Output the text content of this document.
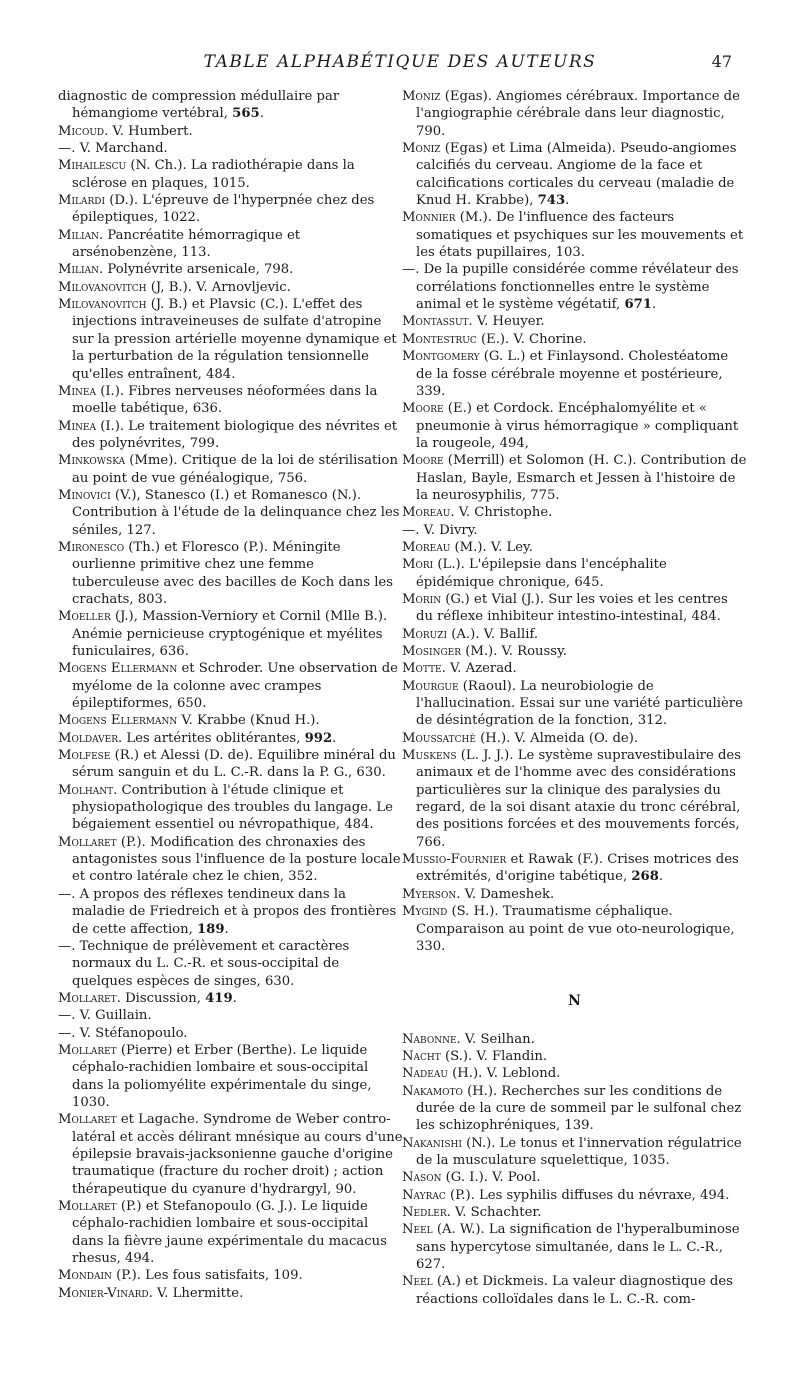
TABLE ALPHABÉTIQUE DES AUTEURS	47

diagnostic de compression médullaire par hémangiome vertébral, 565.

Micoud. V. Humbert.

—. V. Marchand.

Mihailescu (N. Ch.). La radiothérapie dans la sclérose en plaques, 1015.

Milardi (D.). L'épreuve de l'hyperpnée chez des épileptiques, 1022.

Milian. Pancréatite hémorragique et arsénobenzène, 113.

Milian. Polynévrite arsenicale, 798.

Milovanovitch (J, B.). V. Arnovljevic.

Milovanovitch (J. B.) et Plavsic (C.). L'effet des injections intraveineuses de sulfate d'atropine sur la pression artérielle moyenne dynamique et la perturbation de la régulation tensionnelle qu'elles entraînent, 484.

Minea (I.). Fibres nerveuses néoformées dans la moelle tabétique, 636.

Minea (I.). Le traitement biologique des névrites et des polynévrites, 799.

Minkowska (Mme). Critique de la loi de stérilisation au point de vue généalogique, 756.

Minovici (V.), Stanesco (I.) et Romanesco (N.). Contribution à l'étude de la delinquance chez les séniles, 127.

Mironesco (Th.) et Floresco (P.). Méningite ourlienne primitive chez une femme tuberculeuse avec des bacilles de Koch dans les crachats, 803.

Moeller (J.), Massion-Verniory et Cornil (Mlle B.). Anémie pernicieuse cryptogénique et myélites funiculaires, 636.

Mogens Ellermann et Schroder. Une observation de myélome de la colonne avec crampes épileptiformes, 650.

Mogens Ellermann V. Krabbe (Knud H.).

Moldaver. Les artérites oblitérantes, 992.

Molfese (R.) et Alessi (D. de). Equilibre minéral du sérum sanguin et du L. C.-R. dans la P. G., 630.

Molhant. Contribution à l'étude clinique et physiopathologique des troubles du langage. Le bégaiement essentiel ou névropathique, 484.

Mollaret (P.). Modification des chronaxies des antagonistes sous l'influence de la posture locale et contro latérale chez le chien, 352.

—. A propos des réflexes tendineux dans la maladie de Friedreich et à propos des frontières de cette affection, 189.

—. Technique de prélèvement et caractères normaux du L. C.-R. et sous-occipital de quelques espèces de singes, 630.

Mollaret. Discussion, 419.

—. V. Guillain.

—. V. Stéfanopoulo.

Mollaret (Pierre) et Erber (Berthe). Le liquide céphalo-rachidien lombaire et sous-occipital dans la poliomyélite expérimentale du singe, 1030.

Mollaret et Lagache. Syndrome de Weber contro-latéral et accès délirant mnésique au cours d'une épilepsie bravais-jacksonienne gauche d'origine traumatique (fracture du rocher droit) ; action thérapeutique du cyanure d'hydrargyl, 90.

Mollaret (P.) et Stefanopoulo (G. J.). Le liquide céphalo-rachidien lombaire et sous-occipital dans la fièvre jaune expérimentale du macacus rhesus, 494.

Mondain (P.). Les fous satisfaits, 109.

Monier-Vinard. V. Lhermitte.

Moniz (Egas). Angiomes cérébraux. Importance de l'angiographie cérébrale dans leur diagnostic, 790.

Moniz (Egas) et Lima (Almeida). Pseudo-angiomes calcifiés du cerveau. Angiome de la face et calcifications corticales du cerveau (maladie de Knud H. Krabbe), 743.

Monnier (M.). De l'influence des facteurs somatiques et psychiques sur les mouvements et les états pupillaires, 103.

—. De la pupille considérée comme révélateur des corrélations fonctionnelles entre le système animal et le système végétatif, 671.

Montassut. V. Heuyer.

Montestruc (E.). V. Chorine.

Montgomery (G. L.) et Finlaysond. Cholestéatome de la fosse cérébrale moyenne et postérieure, 339.

Moore (E.) et Cordock. Encéphalomyélite et « pneumonie à virus hémorragique » compliquant la rougeole, 494,

Moore (Merrill) et Solomon (H. C.). Contribution de Haslan, Bayle, Esmarch et Jessen à l'histoire de la neurosyphilis, 775.

Moreau. V. Christophe.

—. V. Divry.

Moreau (M.). V. Ley.

Mori (L.). L'épilepsie dans l'encéphalite épidémique chronique, 645.

Morin (G.) et Vial (J.). Sur les voies et les centres du réflexe inhibiteur intestino-intestinal, 484.

Moruzi (A.). V. Ballif.

Mosinger (M.). V. Roussy.

Motte. V. Azerad.

Mourgue (Raoul). La neurobiologie de l'hallucination. Essai sur une variété particulière de désintégration de la fonction, 312.

Moussatché (H.). V. Almeida (O. de).

Muskens (L. J. J.). Le système supravestibulaire des animaux et de l'homme avec des considérations particulières sur la clinique des paralysies du regard, de la soi disant ataxie du tronc cérébral, des positions forcées et des mouvements forcés, 766.

Mussio-Fournier et Rawak (F.). Crises motrices des extrémités, d'origine tabétique, 268.

Myerson. V. Dameshek.

Mygind (S. H.). Traumatisme céphalique. Comparaison au point de vue oto-neurologique, 330.

N

Nabonne. V. Seilhan.

Nacht (S.). V. Flandin.

Nadeau (H.). V. Leblond.

Nakamoto (H.). Recherches sur les conditions de durée de la cure de sommeil par le sulfonal chez les schizophréniques, 139.

Nakanishi (N.). Le tonus et l'innervation régulatrice de la musculature squelettique, 1035.

Nason (G. I.). V. Pool.

Nayrac (P.). Les syphilis diffuses du névraxe, 494.

Nedler. V. Schachter.

Neel (A. W.). La signification de l'hyperalbuminose sans hypercytose simultanée, dans le L. C.-R., 627.

Neel (A.) et Dickmeis. La valeur diagnostique des réactions colloïdales dans le L. C.-R. com-
